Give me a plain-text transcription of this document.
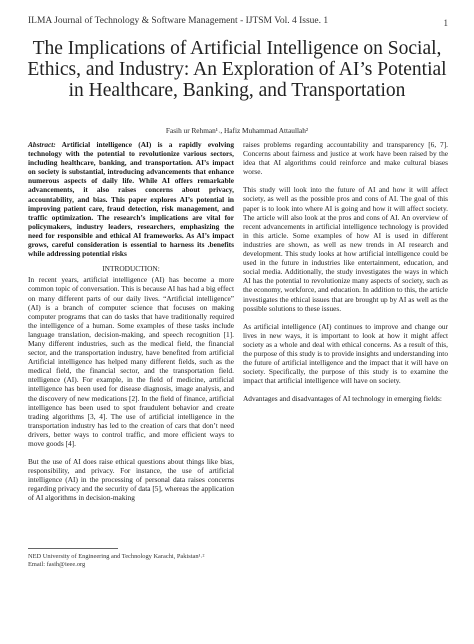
ILMA Journal of Technology & Software Management - IJTSM Vol. 4 Issue. 1	1
The Implications of Artificial Intelligence on Social, Ethics, and Industry: An Exploration of AI’s Potential in Healthcare, Banking, and Transportation
Fasih ur Rehman¹˒, Hafiz Muhammad Attaullah²

Abstract: Artificial intelligence (AI) is a rapidly evolving technology with the potential to revolutionize various sectors, including healthcare, banking, and transportation. AI’s impact on society is substantial, introducing advancements that enhance numerous aspects of daily life. While AI offers remarkable advancements, it also raises concerns about privacy, accountability, and bias. This paper explores AI’s potential in improving patient care, fraud detection, risk management, and traffic optimization. The research’s implications are vital for policymakers, industry leaders, researchers, emphasizing the need for responsible and ethical AI frameworks. As AI’s impact grows, careful consideration is essential to harness its .benefits while addressing potential risks

INTRODUCTION:

In recent years, artificial intelligence (AI) has become a more common topic of conversation. This is because AI has had a big effect on many different parts of our daily lives. “Artificial intelligence” (AI) is a branch of computer science that focuses on making computer programs that can do tasks that have traditionally required the intelligence of a human. Some examples of these tasks include language translation, decision-making, and speech recognition [1]. Many different industries, such as the medical field, the financial sector, and the transportation industry, have benefited from artificial Artificial intelligence has helped many different fields, such as the medical field, the financial sector, and the transportation field. ntelligence (AI). For example, in the field of medicine, artificial intelligence has been used for disease diagnosis, image analysis, and the discovery of new medications [2]. In the field of finance, artificial intelligence has been used to spot fraudulent behavior and create trading algorithms [3, 4]. The use of artificial intelligence in the transportation industry has led to the creation of cars that don’t need drivers, better ways to control traffic, and more efficient ways to move goods [4].

But the use of AI does raise ethical questions about things like bias, responsibility, and privacy. For instance, the use of artificial intelligence (AI) in the processing of personal data raises concerns regarding privacy and the security of data [5], whereas the application of AI algorithms in decision-making

raises problems regarding accountability and transparency [6, 7]. Concerns about fairness and justice at work have been raised by the idea that AI algorithms could reinforce and make cultural biases worse.

This study will look into the future of AI and how it will affect society, as well as the possible pros and cons of AI. The goal of this paper is to look into where AI is going and how it will affect society. The article will also look at the pros and cons of AI. An overview of recent advancements in artificial intelligence technology is provided in this article. Some examples of how AI is used in different industries are shown, as well as new trends in AI research and development. This study looks at how artificial intelligence could be used in the future in industries like entertainment, education, and social media. Additionally, the study investigates the ways in which AI has the potential to revolutionize many aspects of society, such as the economy, workforce, and education. In addition to this, the article investigates the ethical issues that are brought up by AI as well as the possible solutions to these issues.

As artificial intelligence (AI) continues to improve and change our lives in new ways, it is important to look at how it might affect society as a whole and deal with ethical concerns. As a result of this, the purpose of this study is to provide insights and understanding into the future of artificial intelligence and the impact that it will have on society. Specifically, the purpose of this study is to examine the impact that artificial intelligence will have on society.

Advantages and disadvantages of AI technology in emerging fields:

NED University of Engineering and Technology Karachi, Pakistan¹˒²
Email: fasih@ieee.org
